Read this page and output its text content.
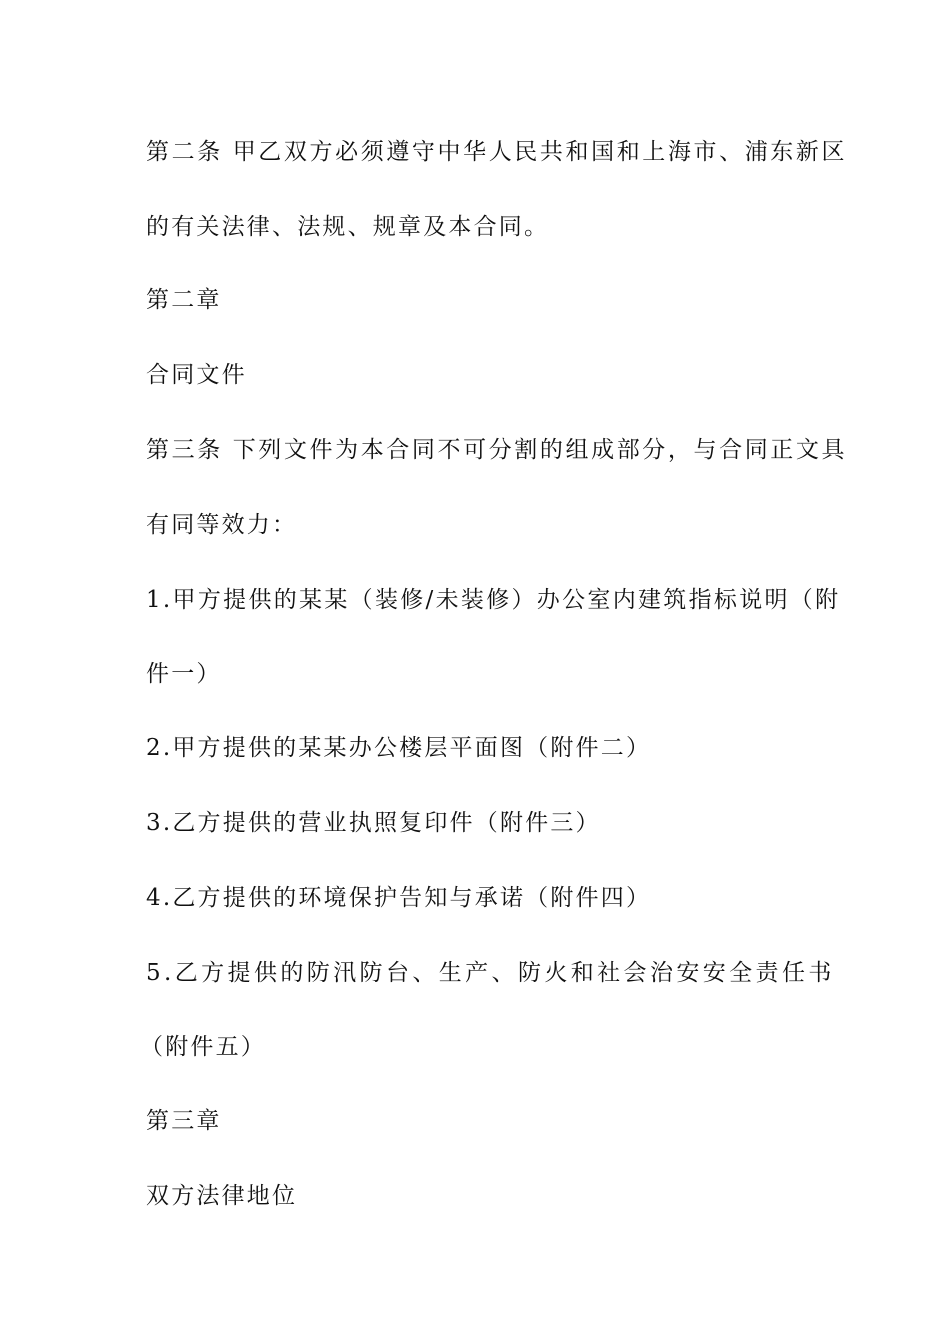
第二条 甲乙双方必须遵守中华人民共和国和上海市、浦东新区
的有关法律、法规、规章及本合同。
第二章
合同文件
第三条 下列文件为本合同不可分割的组成部分，与合同正文具
有同等效力：
1.甲方提供的某某（装修/未装修）办公室内建筑指标说明（附
件一）
2.甲方提供的某某办公楼层平面图（附件二）
3.乙方提供的营业执照复印件（附件三）
4.乙方提供的环境保护告知与承诺（附件四）
5.乙方提供的防汛防台、生产、防火和社会治安安全责任书
（附件五）
第三章
双方法律地位
